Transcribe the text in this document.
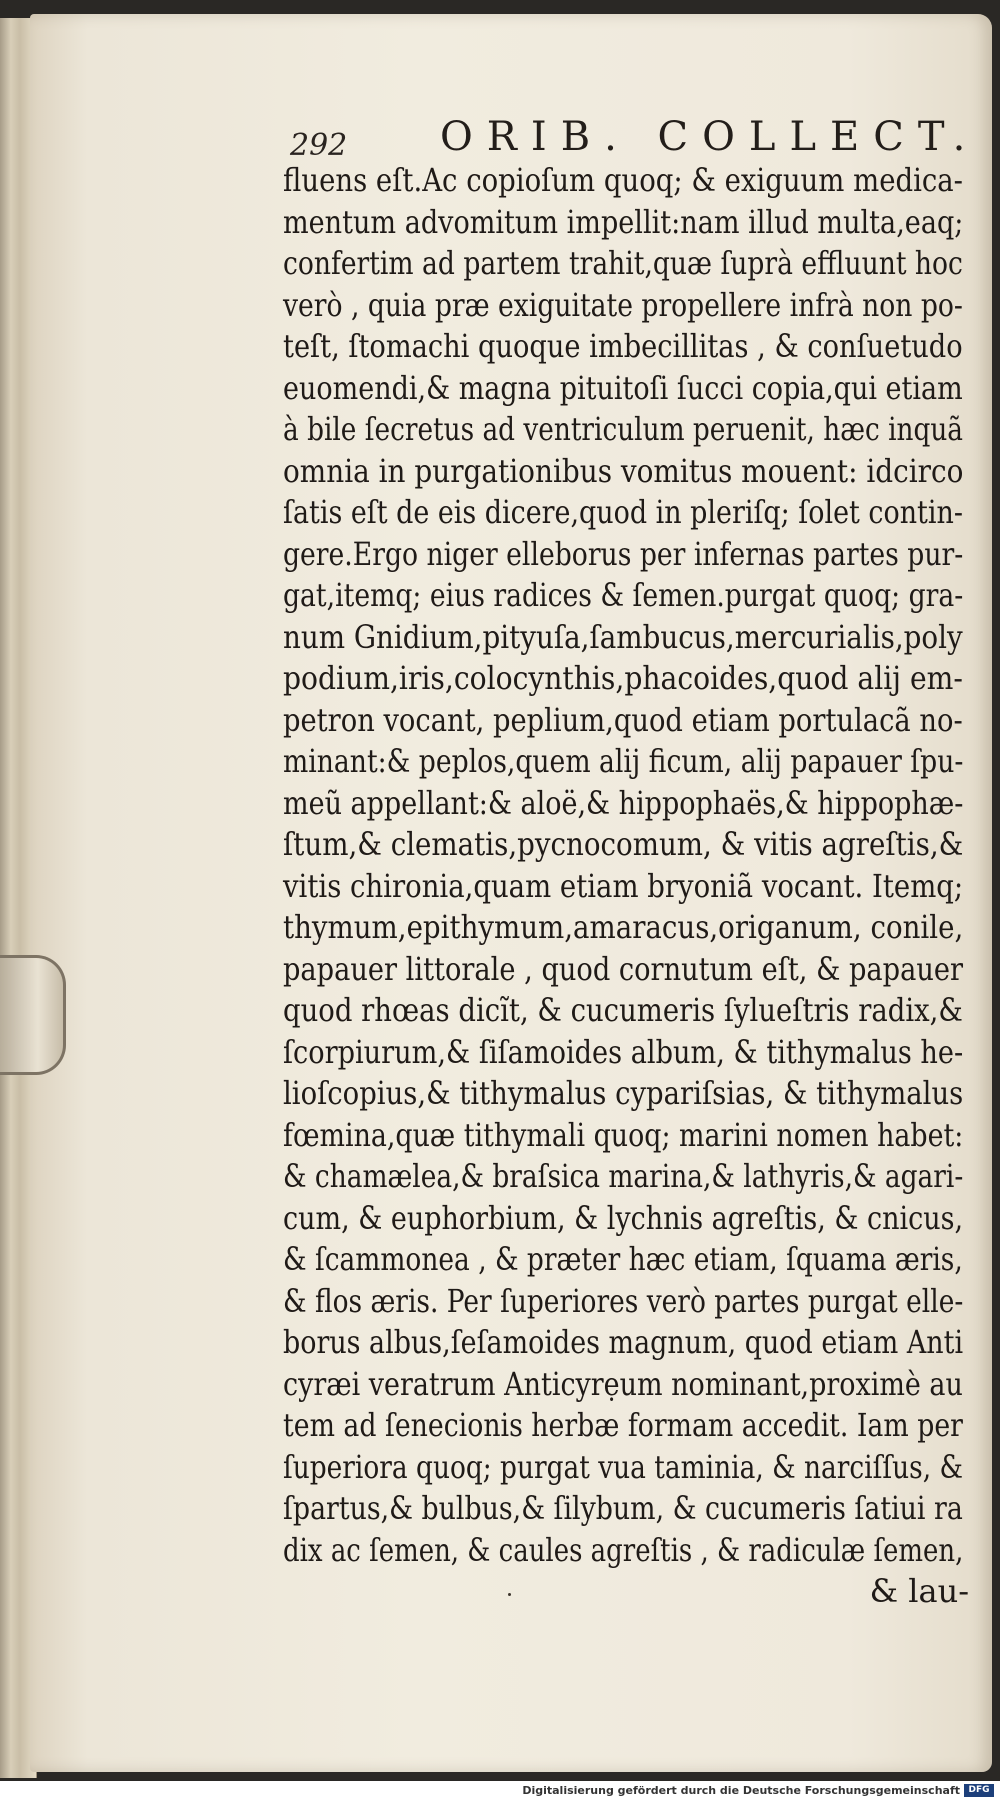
292 ORIB. COLLECT.
fluens eſt.Ac copioſum quoq; & exiguum medica-
mentum advomitum impellit:nam illud multa,eaq;
confertim ad partem trahit,quæ ſuprà effluunt hoc
verò , quia præ exiguitate propellere infrà non po-
teſt, ſtomachi quoque imbecillitas , & conſuetudo
euomendi,& magna pituitoſi ſucci copia,qui etiam
à bile ſecretus ad ventriculum peruenit, hæc inquã
omnia in purgationibus vomitus mouent: idcirco
ſatis eſt de eis dicere,quod in pleriſq; ſolet contin-
gere.Ergo niger elleborus per infernas partes pur-
gat,itemq; eius radices & ſemen.purgat quoq; gra-
num Gnidium,pityuſa,ſambucus,mercurialis,poly
podium,iris,colocynthis,phacoides,quod alij em-
petron vocant, peplium,quod etiam portulacã no-
minant:& peplos,quem alij ficum, alij papauer ſpu-
meũ appellant:& aloë,& hippophaës,& hippophæ-
ſtum,& clematis,pycnocomum, & vitis agreſtis,&
vitis chironia,quam etiam bryoniã vocant. Itemq;
thymum,epithymum,amaracus,origanum, conile,
papauer littorale , quod cornutum eſt, & papauer
quod rhœas dicĩt, & cucumeris ſylueſtris radix,&
ſcorpiurum,& ſiſamoides album, & tithymalus he-
lioſcopius,& tithymalus cypariſsias, & tithymalus
fœmina,quæ tithymali quoq; marini nomen habet:
& chamælea,& braſsica marina,& lathyris,& agari-
cum, & euphorbium, & lychnis agreſtis, & cnicus,
& ſcammonea , & præter hæc etiam, ſquama æris,
& flos æris. Per ſuperiores verò partes purgat elle-
borus albus,ſeſamoides magnum, quod etiam Anti
cyræi veratrum Anticyrẹum nominant,proximè au
tem ad ſenecionis herbæ formam accedit. Iam per
ſuperiora quoq; purgat vua taminia, & narciſſus, &
ſpartus,& bulbus,& ſilybum, & cucumeris ſatiui ra
dix ac ſemen, & caules agreſtis , & radiculæ ſemen,
& lau-
Digitalisierung gefördert durch die Deutsche Forschungsgemeinschaft DFG
